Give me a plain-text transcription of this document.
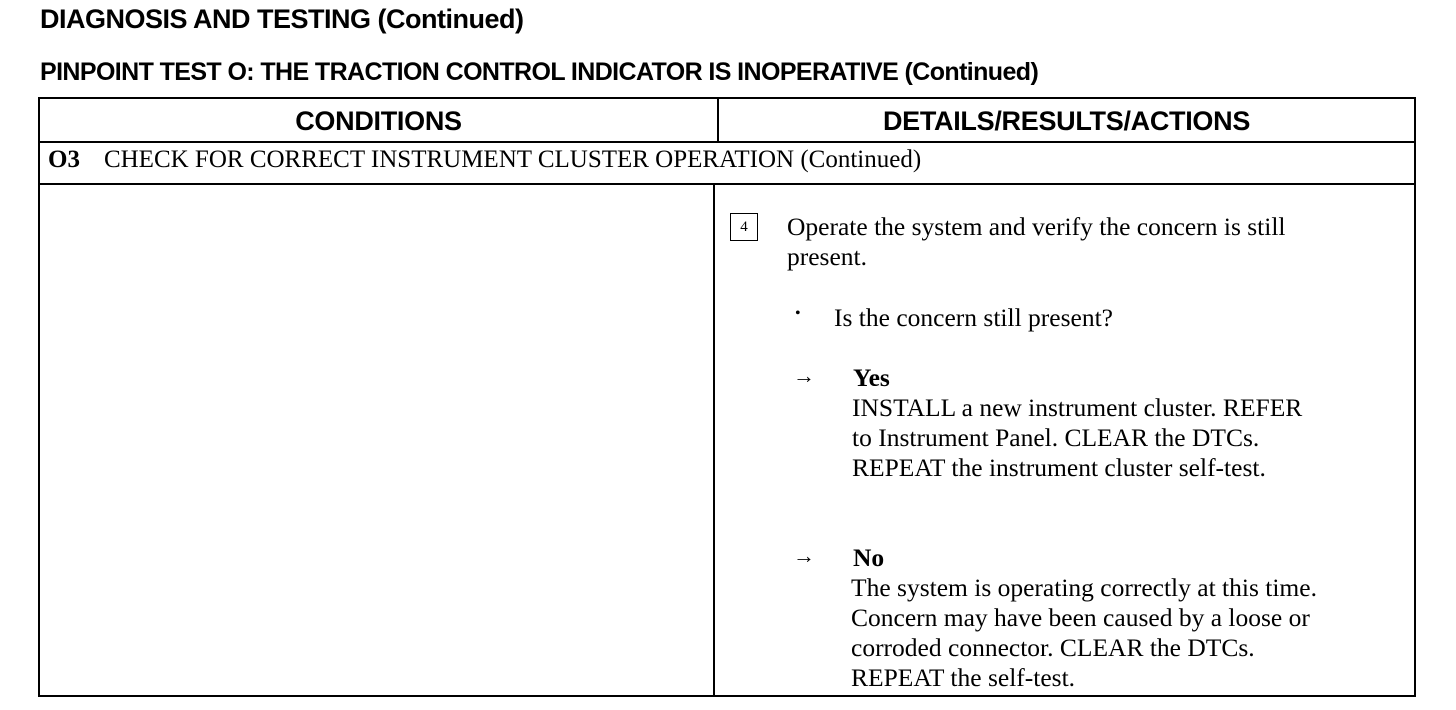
DIAGNOSIS AND TESTING (Continued)
PINPOINT TEST O: THE TRACTION CONTROL INDICATOR IS INOPERATIVE (Continued)
CONDITIONS	DETAILS/RESULTS/ACTIONS
O3 CHECK FOR CORRECT INSTRUMENT CLUSTER OPERATION (Continued)
4	Operate the system and verify the concern is still
present.
• Is the concern still present?
→ Yes
INSTALL a new instrument cluster. REFER
to Instrument Panel. CLEAR the DTCs.
REPEAT the instrument cluster self-test.
→ No
The system is operating correctly at this time.
Concern may have been caused by a loose or
corroded connector. CLEAR the DTCs.
REPEAT the self-test.
